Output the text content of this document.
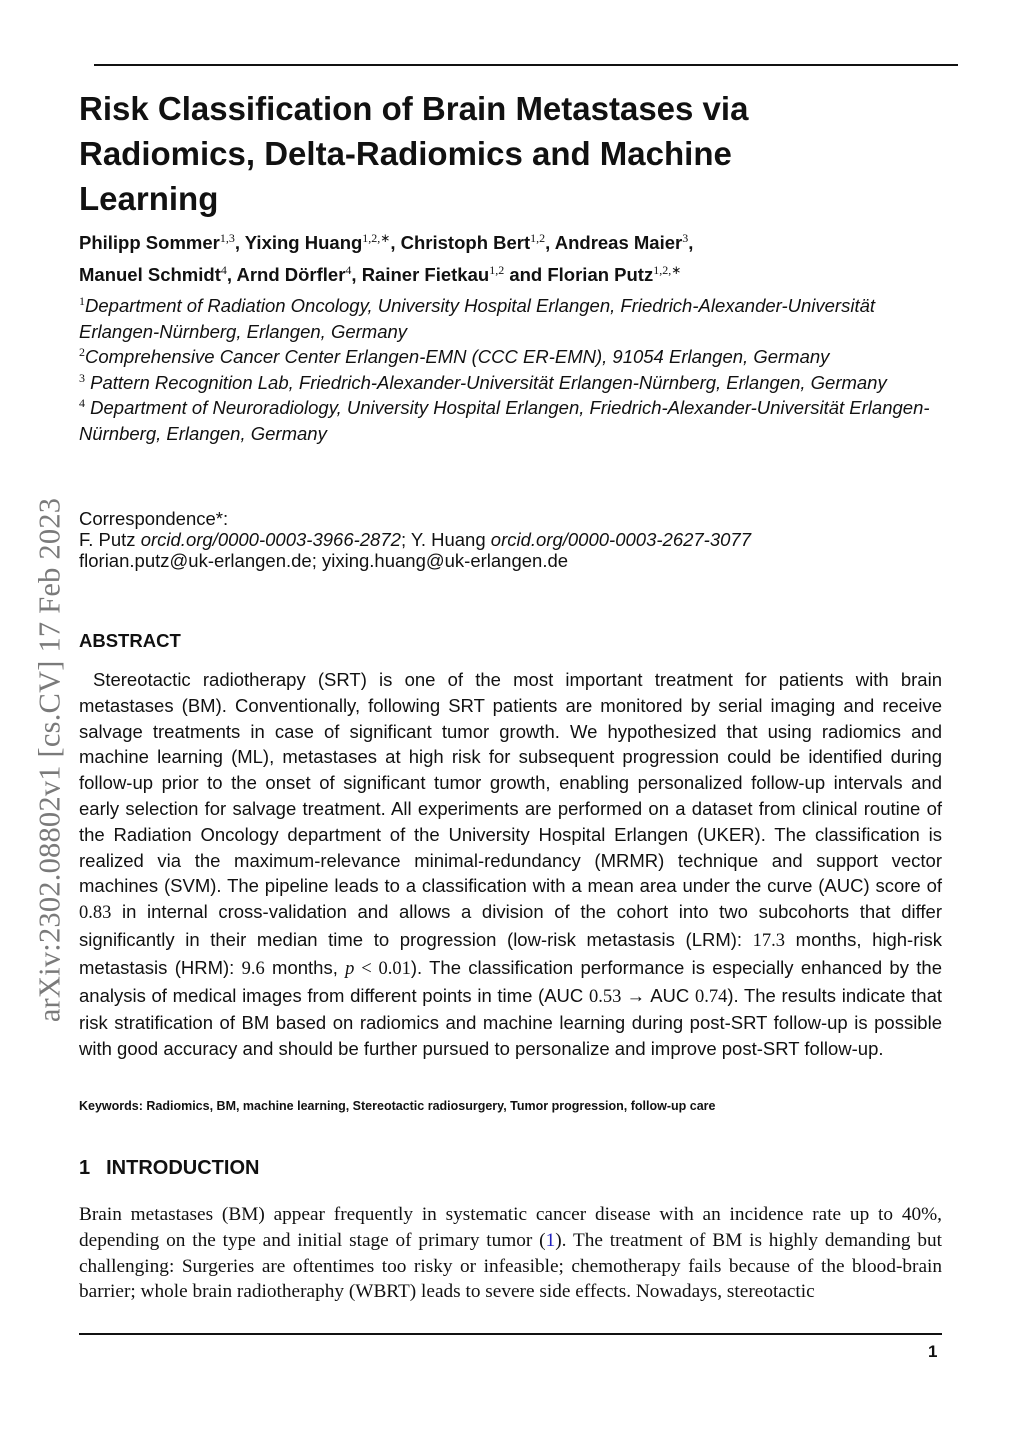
arXiv:2302.08802v1 [cs.CV] 17 Feb 2023
Risk Classification of Brain Metastases via Radiomics, Delta-Radiomics and Machine Learning
Philipp Sommer$^{1,3}$, Yixing Huang$^{1,2,∗}$, Christoph Bert$^{1,2}$, Andreas Maier$^3$,
Manuel Schmidt$^4$, Arnd Dörfler$^4$, Rainer Fietkau$^{1,2}$ and Florian Putz$^{1,2,∗}$

$^1$Department of Radiation Oncology, University Hospital Erlangen, Friedrich-Alexander-Universität Erlangen-Nürnberg, Erlangen, Germany

$^2$Comprehensive Cancer Center Erlangen-EMN (CCC ER-EMN), 91054 Erlangen, Germany

$^3$ Pattern Recognition Lab, Friedrich-Alexander-Universität Erlangen-Nürnberg, Erlangen, Germany

$^4$ Department of Neuroradiology, University Hospital Erlangen, Friedrich-Alexander-Universität Erlangen-Nürnberg, Erlangen, Germany

Correspondence*:
F. Putz orcid.org/0000-0003-3966-2872; Y. Huang orcid.org/0000-0003-2627-3077
florian.putz@uk-erlangen.de; yixing.huang@uk-erlangen.de
ABSTRACT

Stereotactic radiotherapy (SRT) is one of the most important treatment for patients with brain metastases (BM). Conventionally, following SRT patients are monitored by serial imaging and receive salvage treatments in case of significant tumor growth. We hypothesized that using radiomics and machine learning (ML), metastases at high risk for subsequent progression could be identified during follow-up prior to the onset of significant tumor growth, enabling personalized follow-up intervals and early selection for salvage treatment. All experiments are performed on a dataset from clinical routine of the Radiation Oncology department of the University Hospital Erlangen (UKER). The classification is realized via the maximum-relevance minimal-redundancy (MRMR) technique and support vector machines (SVM). The pipeline leads to a classification with a mean area under the curve (AUC) score of 0.83 in internal cross-validation and allows a division of the cohort into two subcohorts that differ significantly in their median time to progression (low-risk metastasis (LRM): 17.3 months, high-risk metastasis (HRM): 9.6 months, p < 0.01). The classification performance is especially enhanced by the analysis of medical images from different points in time (AUC 0.53 → AUC 0.74). The results indicate that risk stratification of BM based on radiomics and machine learning during post-SRT follow-up is possible with good accuracy and should be further pursued to personalize and improve post-SRT follow-up.

Keywords: Radiomics, BM, machine learning, Stereotactic radiosurgery, Tumor progression, follow-up care
1 INTRODUCTION

Brain metastases (BM) appear frequently in systematic cancer disease with an incidence rate up to 40%, depending on the type and initial stage of primary tumor (1). The treatment of BM is highly demanding but challenging: Surgeries are oftentimes too risky or infeasible; chemotherapy fails because of the blood-brain barrier; whole brain radiotheraphy (WBRT) leads to severe side effects. Nowadays, stereotactic

1
